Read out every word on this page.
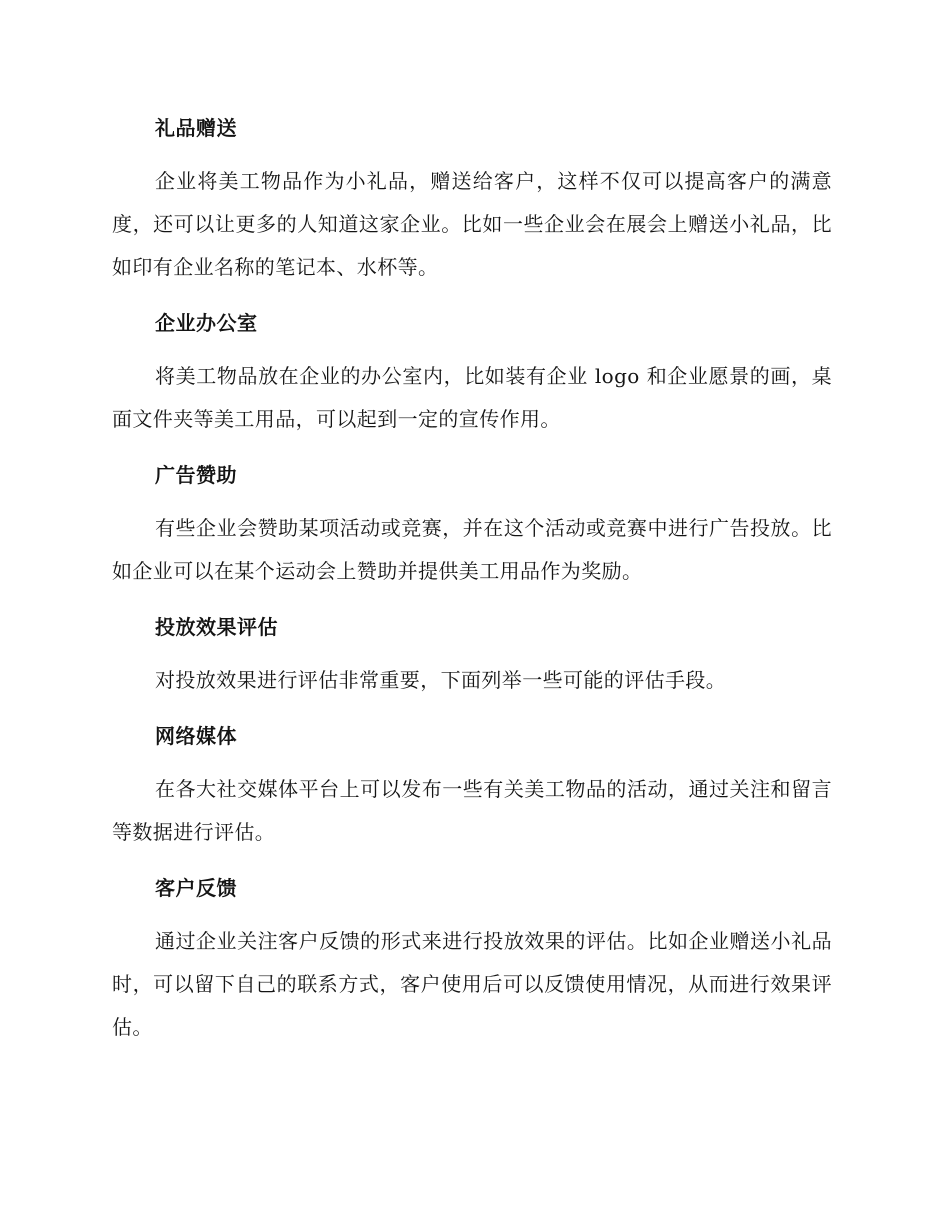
礼品赠送

企业将美工物品作为小礼品，赠送给客户，这样不仅可以提高客户的满意度，还可以让更多的人知道这家企业。比如一些企业会在展会上赠送小礼品，比如印有企业名称的笔记本、水杯等。

企业办公室

将美工物品放在企业的办公室内，比如装有企业 logo 和企业愿景的画，桌面文件夹等美工用品，可以起到一定的宣传作用。

广告赞助

有些企业会赞助某项活动或竞赛，并在这个活动或竞赛中进行广告投放。比如企业可以在某个运动会上赞助并提供美工用品作为奖励。

投放效果评估

对投放效果进行评估非常重要，下面列举一些可能的评估手段。

网络媒体

在各大社交媒体平台上可以发布一些有关美工物品的活动，通过关注和留言等数据进行评估。

客户反馈

通过企业关注客户反馈的形式来进行投放效果的评估。比如企业赠送小礼品时，可以留下自己的联系方式，客户使用后可以反馈使用情况，从而进行效果评估。
